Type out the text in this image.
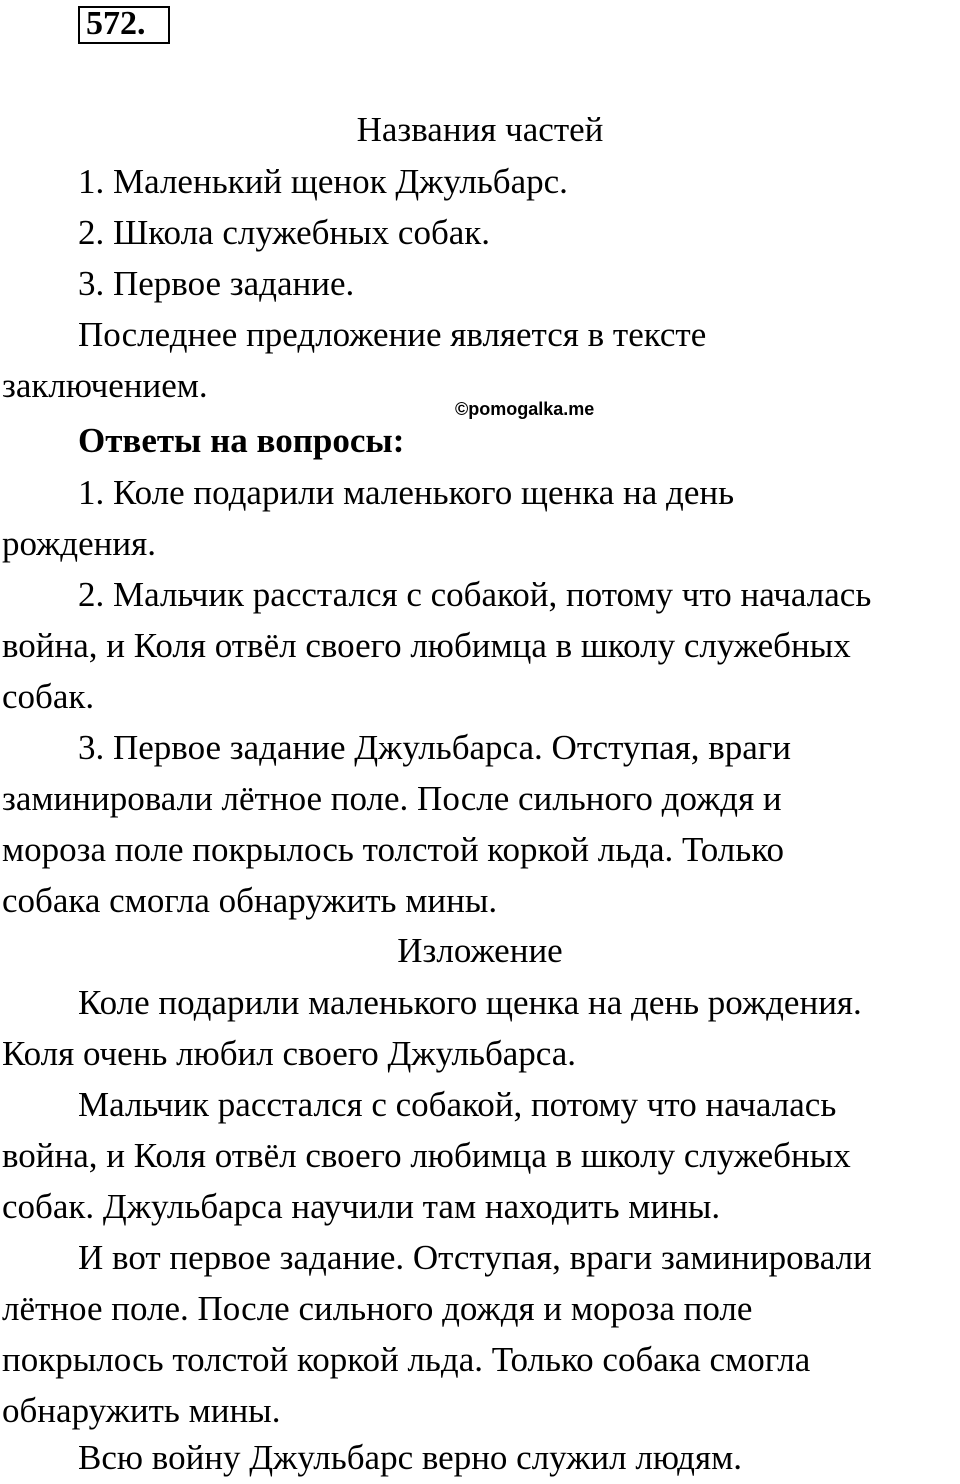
572.
Названия частей
1. Маленький щенок Джульбарс.
2. Школа служебных собак.
3. Первое задание.
Последнее предложение является в тексте
заключением.
©pomogalka.me
Ответы на вопросы:
1. Коле подарили маленького щенка на день
рождения.
2. Мальчик расстался с собакой, потому что началась
война, и Коля отвёл своего любимца в школу служебных
собак.
3. Первое задание Джульбарса. Отступая, враги
заминировали лётное поле. После сильного дождя и
мороза поле покрылось толстой коркой льда. Только
собака смогла обнаружить мины.
Изложение
Коле подарили маленького щенка на день рождения.
Коля очень любил своего Джульбарса.
Мальчик расстался с собакой, потому что началась
война, и Коля отвёл своего любимца в школу служебных
собак. Джульбарса научили там находить мины.
И вот первое задание. Отступая, враги заминировали
лётное поле. После сильного дождя и мороза поле
покрылось толстой коркой льда. Только собака смогла
обнаружить мины.
Всю войну Джульбарс верно служил людям.
